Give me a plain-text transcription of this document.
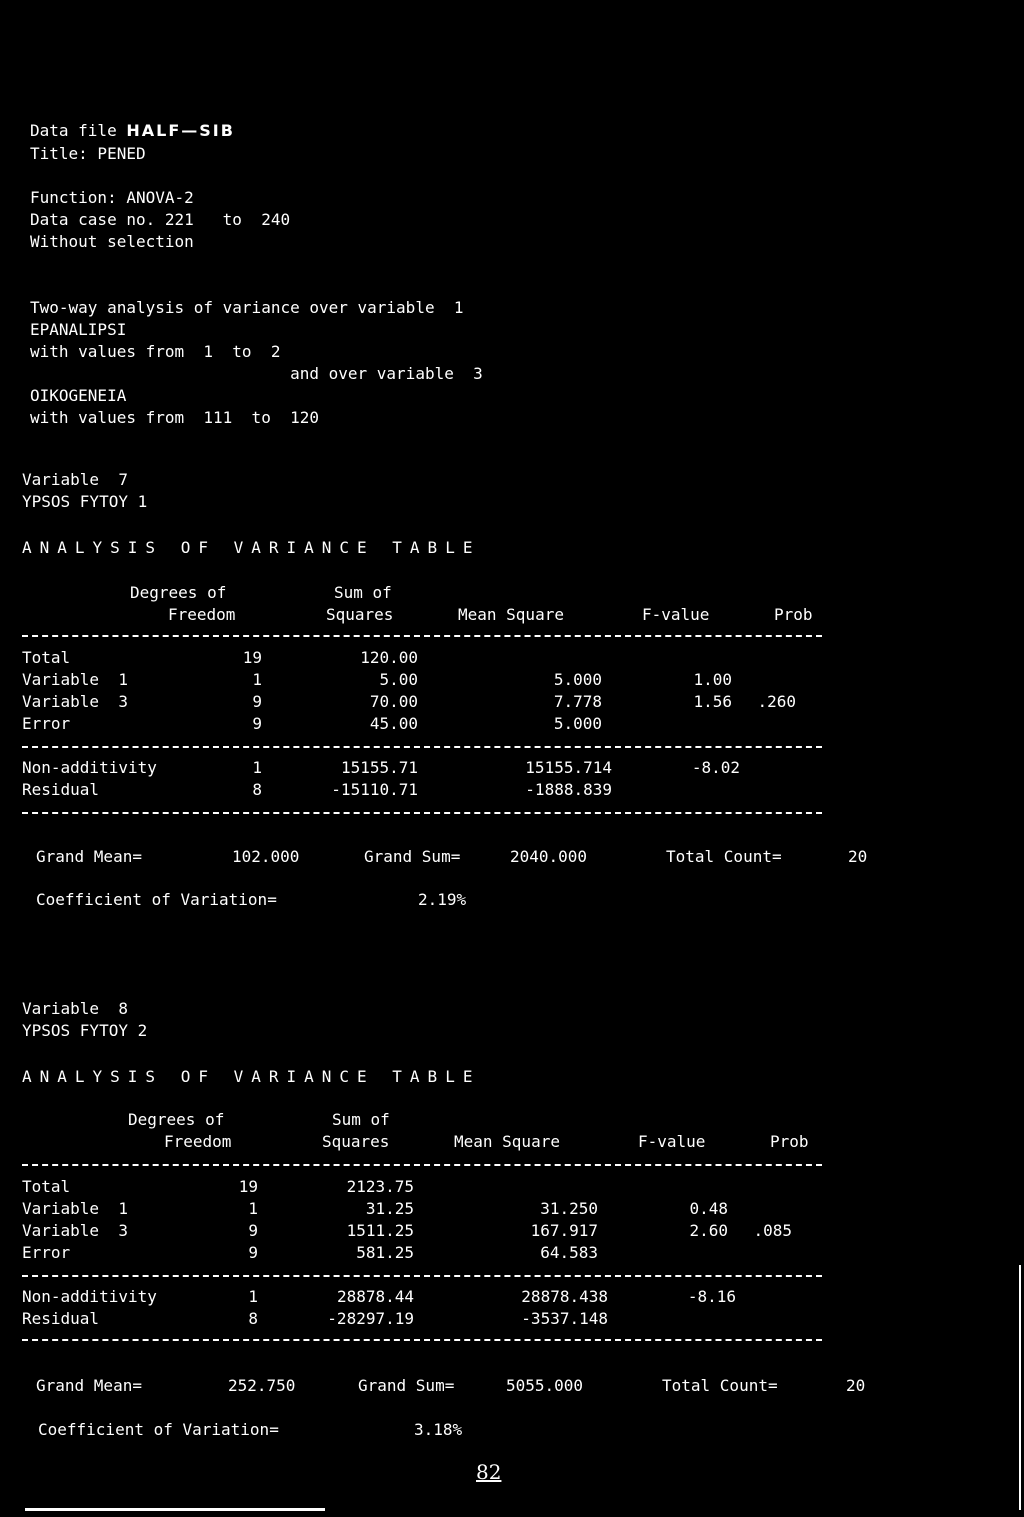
Data file HALF—SIB
Title: PENED
Function: ANOVA-2
Data case no. 221   to  240
Without selection
Two-way analysis of variance over variable  1
EPANALIPSI
with values from  1  to  2
and over variable  3
OIKOGENEIA
with values from  111  to  120
Variable  7
YPSOS FYTOY 1
ANALYSIS OF VARIANCE TABLE
Degrees of
Freedom
Sum of
Squares	Mean Square	F-value	Prob
Total	19	120.00
Variable  1	1	5.00	5.000	1.00
Variable  3	9	70.00	7.778	1.56	.260
Error	9	45.00	5.000
Non-additivity	1	15155.71	15155.714	-8.02
Residual	8	-15110.71	-1888.839
Grand Mean=	102.000	Grand Sum=	2040.000	Total Count=	20
Coefficient of Variation=	2.19%
Variable  8
YPSOS FYTOY 2
ANALYSIS OF VARIANCE TABLE
Degrees of
Freedom
Sum of
Squares	Mean Square	F-value	Prob
Total	19	2123.75
Variable  1	1	31.25	31.250	0.48
Variable  3	9	1511.25	167.917	2.60	.085
Error	9	581.25	64.583
Non-additivity	1	28878.44	28878.438	-8.16
Residual	8	-28297.19	-3537.148
Grand Mean=	252.750	Grand Sum=	5055.000	Total Count=	20
Coefficient of Variation=	3.18%
82
